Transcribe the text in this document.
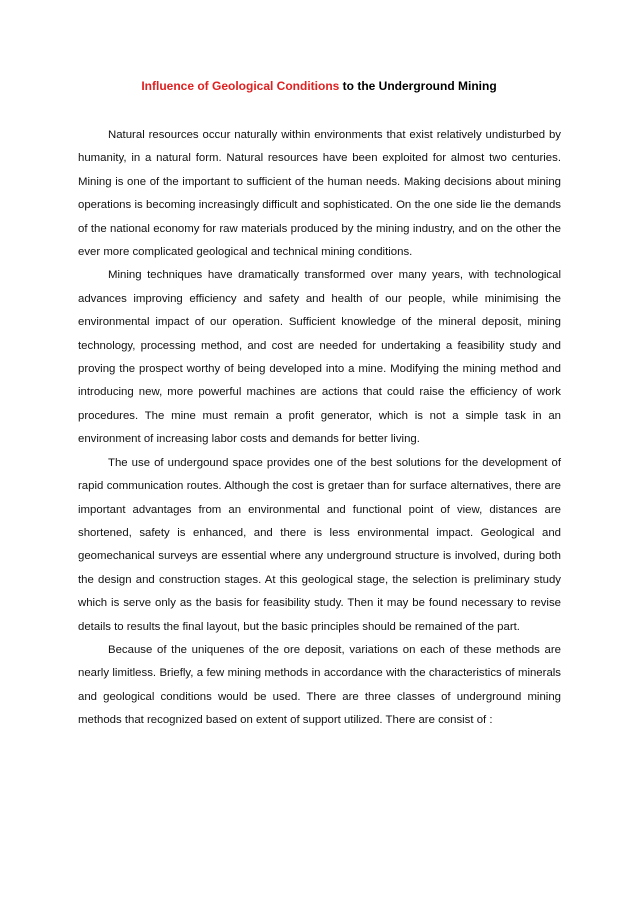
Influence of Geological Conditions to the Underground Mining

Natural resources occur naturally within environments that exist relatively undisturbed by humanity, in a natural form. Natural resources have been exploited for almost two centuries. Mining is one of the important to sufficient of the human needs. Making decisions about mining operations is becoming increasingly difficult and sophisticated. On the one side lie the demands of the national economy for raw materials produced by the mining industry, and on the other the ever more complicated geological and technical mining conditions.

Mining techniques have dramatically transformed over many years, with technological advances improving efficiency and safety and health of our people, while minimising the environmental impact of our operation. Sufficient knowledge of the mineral deposit, mining technology, processing method, and cost are needed for undertaking a feasibility study and proving the prospect worthy of being developed into a mine. Modifying the mining method and introducing new, more powerful machines are actions that could raise the efficiency of work procedures. The mine must remain a profit generator, which is not a simple task in an environment of increasing labor costs and demands for better living.

The use of undergound space provides one of the best solutions for the development of rapid communication routes. Although the cost is gretaer than for surface alternatives, there are important advantages from an environmental and functional point of view, distances are shortened, safety is enhanced, and there is less environmental impact. Geological and geomechanical surveys are essential where any underground structure is involved, during both the design and construction stages. At this geological stage, the selection is preliminary study which is serve only as the basis for feasibility study. Then it may be found necessary to revise details to results the final layout, but the basic principles should be remained of the part.

Because of the uniquenes of the ore deposit, variations on each of these methods are nearly limitless. Briefly, a few mining methods in accordance with the characteristics of minerals and geological conditions would be used. There are three classes of underground mining methods that recognized based on extent of support utilized. There are consist of :
